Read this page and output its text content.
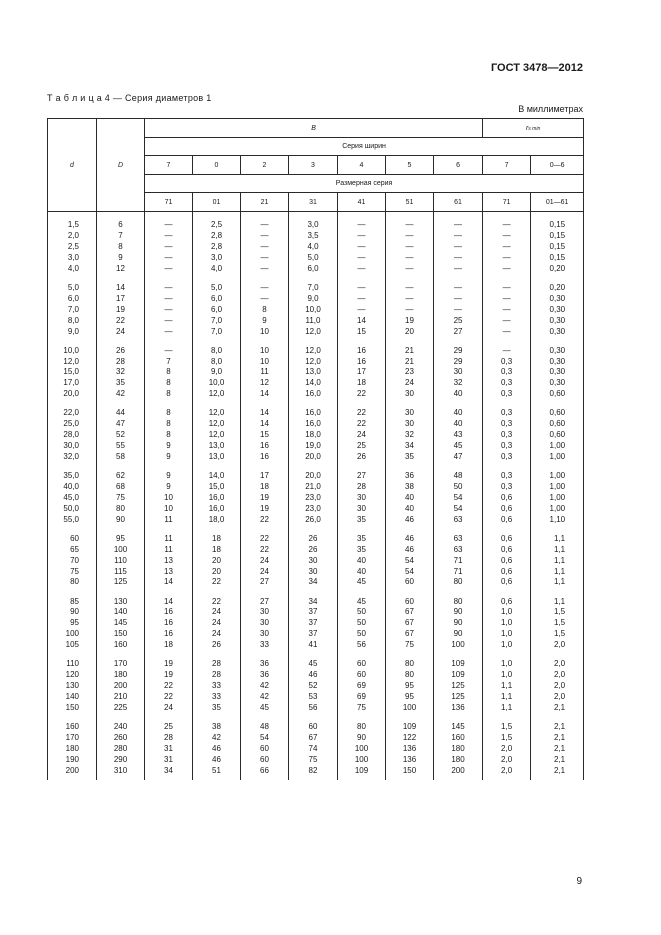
ГОСТ 3478—2012
Т а б л и ц а 4 — Серия диаметров 1
В миллиметрах
d	D	B							rs min	
		Серия ширин								
		7	0	2	3	4	5	6	7	0—6
		Размерная серия								
		71	01	21	31	41	51	61	71	01—61

1,5	6	—	2,5	—	3,0	—	—	—	—	0,15
2,0	7	—	2,8	—	3,5	—	—	—	—	0,15
2,5	8	—	2,8	—	4,0	—	—	—	—	0,15
3,0	9	—	3,0	—	5,0	—	—	—	—	0,15
4,0	12	—	4,0	—	6,0	—	—	—	—	0,20

5,0	14	—	5,0	—	7,0	—	—	—	—	0,20
6,0	17	—	6,0	—	9,0	—	—	—	—	0,30
7,0	19	—	6,0	8	10,0	—	—	—	—	0,30
8,0	22	—	7,0	9	11,0	14	19	25	—	0,30
9,0	24	—	7,0	10	12,0	15	20	27	—	0,30

10,0	26	—	8,0	10	12,0	16	21	29	—	0,30
12,0	28	7	8,0	10	12,0	16	21	29	0,3	0,30
15,0	32	8	9,0	11	13,0	17	23	30	0,3	0,30
17,0	35	8	10,0	12	14,0	18	24	32	0,3	0,30
20,0	42	8	12,0	14	16,0	22	30	40	0,3	0,60

22,0	44	8	12,0	14	16,0	22	30	40	0,3	0,60
25,0	47	8	12,0	14	16,0	22	30	40	0,3	0,60
28,0	52	8	12,0	15	18,0	24	32	43	0,3	0,60
30,0	55	9	13,0	16	19,0	25	34	45	0,3	1,00
32,0	58	9	13,0	16	20,0	26	35	47	0,3	1,00

35,0	62	9	14,0	17	20,0	27	36	48	0,3	1,00
40,0	68	9	15,0	18	21,0	28	38	50	0,3	1,00
45,0	75	10	16,0	19	23,0	30	40	54	0,6	1,00
50,0	80	10	16,0	19	23,0	30	40	54	0,6	1,00
55,0	90	11	18,0	22	26,0	35	46	63	0,6	1,10

60	95	11	18	22	26	35	46	63	0,6	1,1
65	100	11	18	22	26	35	46	63	0,6	1,1
70	110	13	20	24	30	40	54	71	0,6	1,1
75	115	13	20	24	30	40	54	71	0,6	1,1
80	125	14	22	27	34	45	60	80	0,6	1,1

85	130	14	22	27	34	45	60	80	0,6	1,1
90	140	16	24	30	37	50	67	90	1,0	1,5
95	145	16	24	30	37	50	67	90	1,0	1,5
100	150	16	24	30	37	50	67	90	1,0	1,5
105	160	18	26	33	41	56	75	100	1,0	2,0

110	170	19	28	36	45	60	80	109	1,0	2,0
120	180	19	28	36	46	60	80	109	1,0	2,0
130	200	22	33	42	52	69	95	125	1,1	2,0
140	210	22	33	42	53	69	95	125	1,1	2,0
150	225	24	35	45	56	75	100	136	1,1	2,1

160	240	25	38	48	60	80	109	145	1,5	2,1
170	260	28	42	54	67	90	122	160	1,5	2,1
180	280	31	46	60	74	100	136	180	2,0	2,1
190	290	31	46	60	75	100	136	180	2,0	2,1
200	310	34	51	66	82	109	150	200	2,0	2,1

9
